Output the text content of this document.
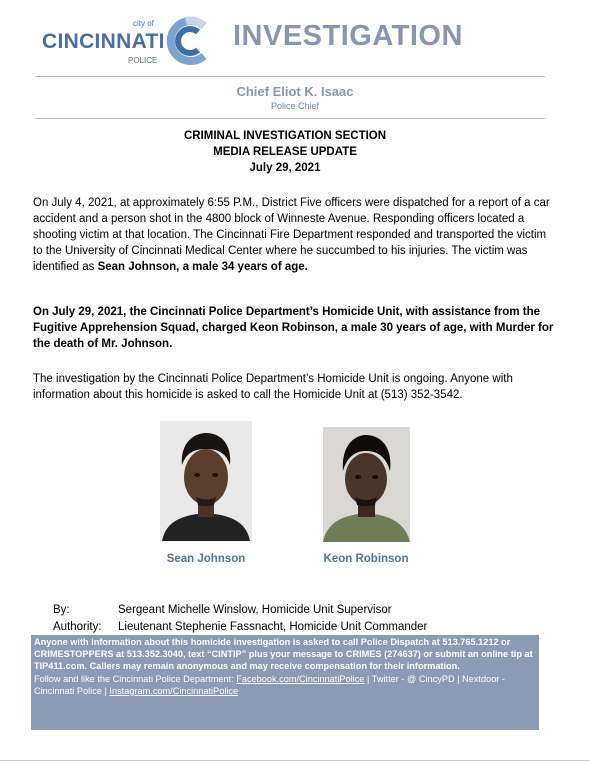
city of
CINCINNATI
POLICE
INVESTIGATION
Chief Eliot K. Isaac
Police Chief
CRIMINAL INVESTIGATION SECTION
MEDIA RELEASE UPDATE
July 29, 2021
On July 4, 2021, at approximately 6:55 P.M., District Five officers were dispatched for a report of a car accident and a person shot in the 4800 block of Winneste Avenue. Responding officers located a shooting victim at that location. The Cincinnati Fire Department responded and transported the victim to the University of Cincinnati Medical Center where he succumbed to his injuries. The victim was identified as Sean Johnson, a male 34 years of age.
On July 29, 2021, the Cincinnati Police Department’s Homicide Unit, with assistance from the Fugitive Apprehension Squad, charged Keon Robinson, a male 30 years of age, with Murder for the death of Mr. Johnson.
The investigation by the Cincinnati Police Department’s Homicide Unit is ongoing. Anyone with information about this homicide is asked to call the Homicide Unit at (513) 352-3542.
Sean Johnson	Keon Robinson
By:	Sergeant Michelle Winslow, Homicide Unit Supervisor
Authority: Lieutenant Stephenie Fassnacht, Homicide Unit Commander
Anyone with information about this homicide investigation is asked to call Police Dispatch at 513.765.1212 or CRIMESTOPPERS at 513.352.3040, text “CINTIP” plus your message to CRIMES (274637) or submit an online tip at TIP411.com. Callers may remain anonymous and may receive compensation for their information.
Follow and like the Cincinnati Police Department: Facebook.com/CincinnatiPolice | Twitter - @ CincyPD | Nextdoor - Cincinnati Police | Instagram.com/CincinnatiPolice
